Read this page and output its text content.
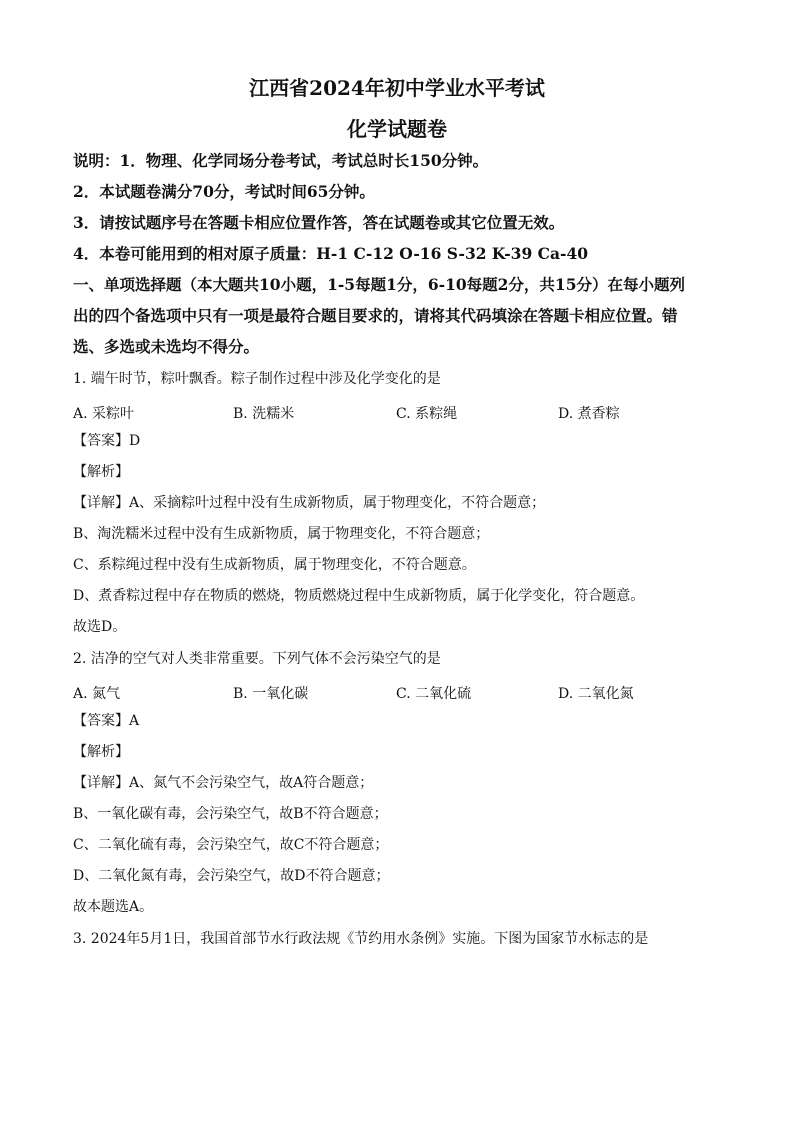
江西省2024年初中学业水平考试
化学试题卷
说明：1．物理、化学同场分卷考试，考试总时长150分钟。
2．本试题卷满分70分，考试时间65分钟。
3．请按试题序号在答题卡相应位置作答，答在试题卷或其它位置无效。
4．本卷可能用到的相对原子质量：H-1 C-12 O-16 S-32 K-39 Ca-40
一、单项选择题（本大题共10小题，1-5每题1分，6-10每题2分，共15分）在每小题列
出的四个备选项中只有一项是最符合题目要求的，请将其代码填涂在答题卡相应位置。错
选、多选或未选均不得分。
1. 端午时节，粽叶飘香。粽子制作过程中涉及化学变化的是
A. 采粽叶	B. 洗糯米	C. 系粽绳	D. 煮香粽
【答案】D
【解析】
【详解】A、采摘粽叶过程中没有生成新物质，属于物理变化，不符合题意；
B、淘洗糯米过程中没有生成新物质，属于物理变化，不符合题意；
C、系粽绳过程中没有生成新物质，属于物理变化，不符合题意。
D、煮香粽过程中存在物质的燃烧，物质燃烧过程中生成新物质，属于化学变化，符合题意。
故选D。
2. 洁净的空气对人类非常重要。下列气体不会污染空气的是
A. 氮气	B. 一氧化碳	C. 二氧化硫	D. 二氧化氮
【答案】A
【解析】
【详解】A、氮气不会污染空气，故A符合题意；
B、一氧化碳有毒，会污染空气，故B不符合题意；
C、二氧化硫有毒，会污染空气，故C不符合题意；
D、二氧化氮有毒，会污染空气，故D不符合题意；
故本题选A。
3. 2024年5月1日，我国首部节水行政法规《节约用水条例》实施。下图为国家节水标志的是
